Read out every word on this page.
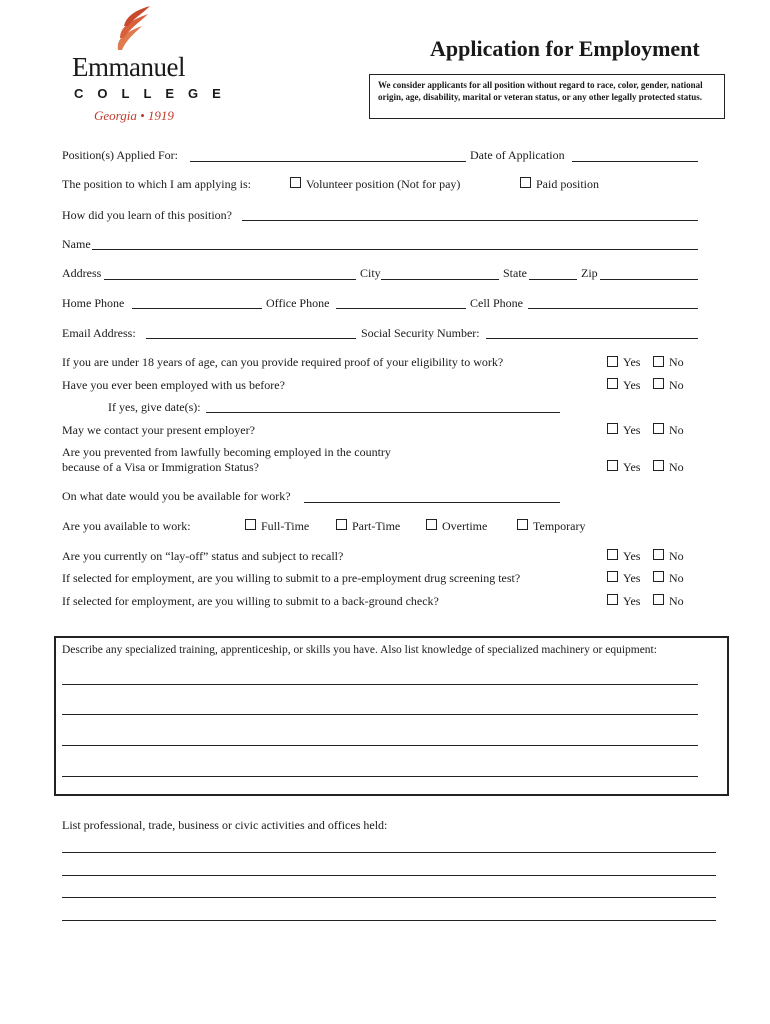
Emmanuel
COLLEGE
Georgia • 1919
Application for Employment
We consider applicants for all position without regard to race, color, gender, national origin, age, disability, marital or veteran status, or any other legally protected status.
Position(s) Applied For:	Date of Application
The position to which I am applying is:	Volunteer position (Not for pay)	Paid position
How did you learn of this position?
Name
Address	City	State	Zip
Home Phone	Office Phone	Cell Phone
Email Address:	Social Security Number:
If you are under 18 years of age, can you provide required proof of your eligibility to work?	Yes No
Have you ever been employed with us before?	Yes No
If yes, give date(s):
May we contact your present employer?	Yes No
Are you prevented from lawfully becoming employed in the country
because of a Visa or Immigration Status?	Yes No
On what date would you be available for work?
Are you available to work:	Full-Time	Part-Time	Overtime	Temporary
Are you currently on “lay-off” status and subject to recall?	Yes No
If selected for employment, are you willing to submit to a pre-employment drug screening test?	Yes No
If selected for employment, are you willing to submit to a back-ground check?	Yes No
Describe any specialized training, apprenticeship, or skills you have. Also list knowledge of specialized machinery or equipment:
List professional, trade, business or civic activities and offices held:
